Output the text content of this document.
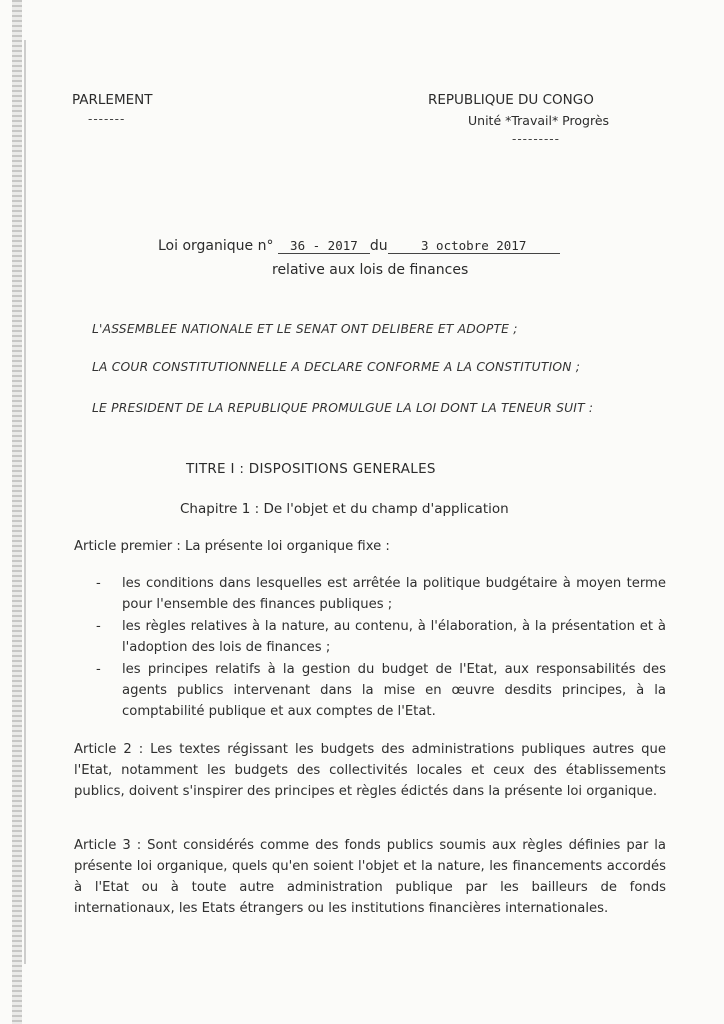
PARLEMENT
-------
REPUBLIQUE DU CONGO
Unité *Travail* Progrès
---------
Loi organique n° 36 - 2017 du	3 octobre 2017
relative aux lois de finances
L'ASSEMBLEE NATIONALE ET LE SENAT ONT DELIBERE ET ADOPTE ;
LA COUR CONSTITUTIONNELLE A DECLARE CONFORME A LA CONSTITUTION ;
LE PRESIDENT DE LA REPUBLIQUE PROMULGUE LA LOI DONT LA TENEUR SUIT :
TITRE I : DISPOSITIONS GENERALES
Chapitre 1 : De l'objet et du champ d'application
Article premier : La présente loi organique fixe :
- les conditions dans lesquelles est arrêtée la politique budgétaire à moyen terme pour l'ensemble des finances publiques ;
- les règles relatives à la nature, au contenu, à l'élaboration, à la présentation et à l'adoption des lois de finances ;
- les principes relatifs à la gestion du budget de l'Etat, aux responsabilités des agents publics intervenant dans la mise en œuvre desdits principes, à la comptabilité publique et aux comptes de l'Etat.
Article 2 : Les textes régissant les budgets des administrations publiques autres que l'Etat, notamment les budgets des collectivités locales et ceux des établissements publics, doivent s'inspirer des principes et règles édictés dans la présente loi organique.
Article 3 : Sont considérés comme des fonds publics soumis aux règles définies par la présente loi organique, quels qu'en soient l'objet et la nature, les financements accordés à l'Etat ou à toute autre administration publique par les bailleurs de fonds internationaux, les Etats étrangers ou les institutions financières internationales.
